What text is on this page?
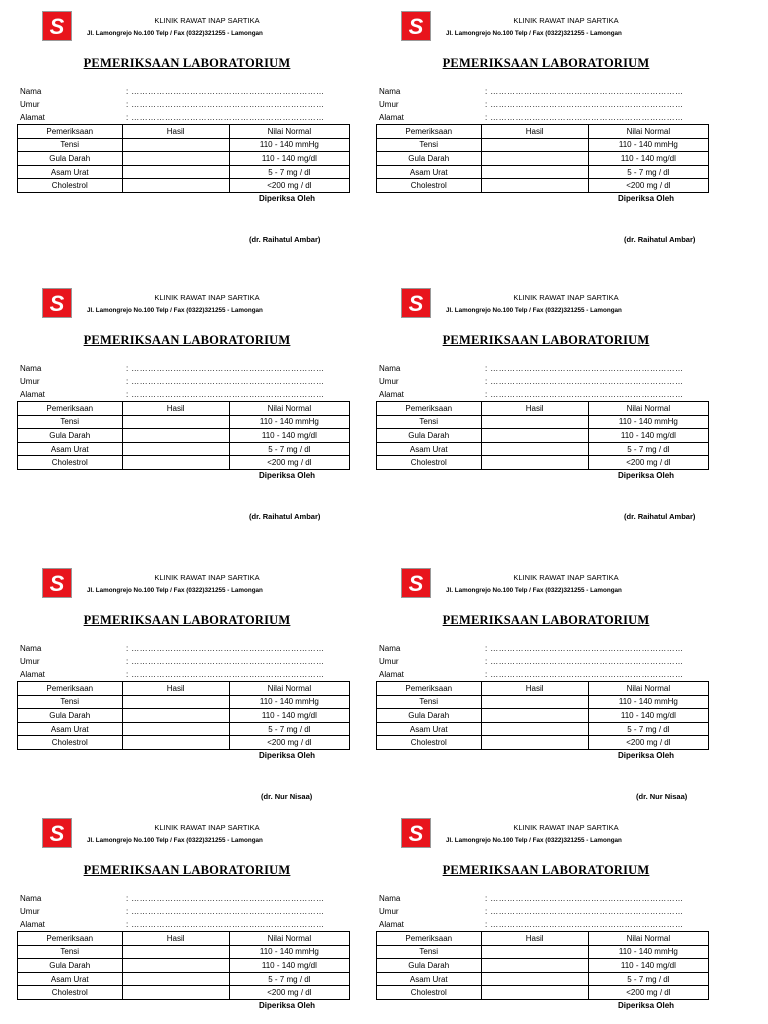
S	KLINIK RAWAT INAP SARTIKA
Jl. Lamongrejo No.100 Telp / Fax (0322)321255 - Lamongan
PEMERIKSAAN LABORATORIUM
Nama	: ……………………………………………………………
Umur	: ……………………………………………………………
Alamat	: ……………………………………………………………
Pemeriksaan	Hasil	Nilai Normal
Tensi		110 - 140 mmHg
Gula Darah		110 - 140 mg/dl
Asam Urat		5 - 7 mg / dl
Cholestrol		<200 mg / dl
Diperiksa Oleh
(dr. Raihatul Ambar)
S	KLINIK RAWAT INAP SARTIKA
Jl. Lamongrejo No.100 Telp / Fax (0322)321255 - Lamongan
PEMERIKSAAN LABORATORIUM
Nama	: ……………………………………………………………
Umur	: ……………………………………………………………
Alamat	: ……………………………………………………………
Pemeriksaan	Hasil	Nilai Normal
Tensi		110 - 140 mmHg
Gula Darah		110 - 140 mg/dl
Asam Urat		5 - 7 mg / dl
Cholestrol		<200 mg / dl
Diperiksa Oleh
(dr. Raihatul Ambar)
S	KLINIK RAWAT INAP SARTIKA
Jl. Lamongrejo No.100 Telp / Fax (0322)321255 - Lamongan
PEMERIKSAAN LABORATORIUM
Nama	: ……………………………………………………………
Umur	: ……………………………………………………………
Alamat	: ……………………………………………………………
Pemeriksaan	Hasil	Nilai Normal
Tensi		110 - 140 mmHg
Gula Darah		110 - 140 mg/dl
Asam Urat		5 - 7 mg / dl
Cholestrol		<200 mg / dl
Diperiksa Oleh
(dr. Raihatul Ambar)
S	KLINIK RAWAT INAP SARTIKA
Jl. Lamongrejo No.100 Telp / Fax (0322)321255 - Lamongan
PEMERIKSAAN LABORATORIUM
Nama	: ……………………………………………………………
Umur	: ……………………………………………………………
Alamat	: ……………………………………………………………
Pemeriksaan	Hasil	Nilai Normal
Tensi		110 - 140 mmHg
Gula Darah		110 - 140 mg/dl
Asam Urat		5 - 7 mg / dl
Cholestrol		<200 mg / dl
Diperiksa Oleh
(dr. Raihatul Ambar)
S	KLINIK RAWAT INAP SARTIKA
Jl. Lamongrejo No.100 Telp / Fax (0322)321255 - Lamongan
PEMERIKSAAN LABORATORIUM
Nama	: ……………………………………………………………
Umur	: ……………………………………………………………
Alamat	: ……………………………………………………………
Pemeriksaan	Hasil	Nilai Normal
Tensi		110 - 140 mmHg
Gula Darah		110 - 140 mg/dl
Asam Urat		5 - 7 mg / dl
Cholestrol		<200 mg / dl
Diperiksa Oleh
(dr. Nur Nisaa)
S	KLINIK RAWAT INAP SARTIKA
Jl. Lamongrejo No.100 Telp / Fax (0322)321255 - Lamongan
PEMERIKSAAN LABORATORIUM
Nama	: ……………………………………………………………
Umur	: ……………………………………………………………
Alamat	: ……………………………………………………………
Pemeriksaan	Hasil	Nilai Normal
Tensi		110 - 140 mmHg
Gula Darah		110 - 140 mg/dl
Asam Urat		5 - 7 mg / dl
Cholestrol		<200 mg / dl
Diperiksa Oleh
(dr. Nur Nisaa)
S	KLINIK RAWAT INAP SARTIKA
Jl. Lamongrejo No.100 Telp / Fax (0322)321255 - Lamongan
PEMERIKSAAN LABORATORIUM
Nama	: ……………………………………………………………
Umur	: ……………………………………………………………
Alamat	: ……………………………………………………………
Pemeriksaan	Hasil	Nilai Normal
Tensi		110 - 140 mmHg
Gula Darah		110 - 140 mg/dl
Asam Urat		5 - 7 mg / dl
Cholestrol		<200 mg / dl
Diperiksa Oleh
S	KLINIK RAWAT INAP SARTIKA
Jl. Lamongrejo No.100 Telp / Fax (0322)321255 - Lamongan
PEMERIKSAAN LABORATORIUM
Nama	: ……………………………………………………………
Umur	: ……………………………………………………………
Alamat	: ……………………………………………………………
Pemeriksaan	Hasil	Nilai Normal
Tensi		110 - 140 mmHg
Gula Darah		110 - 140 mg/dl
Asam Urat		5 - 7 mg / dl
Cholestrol		<200 mg / dl
Diperiksa Oleh
